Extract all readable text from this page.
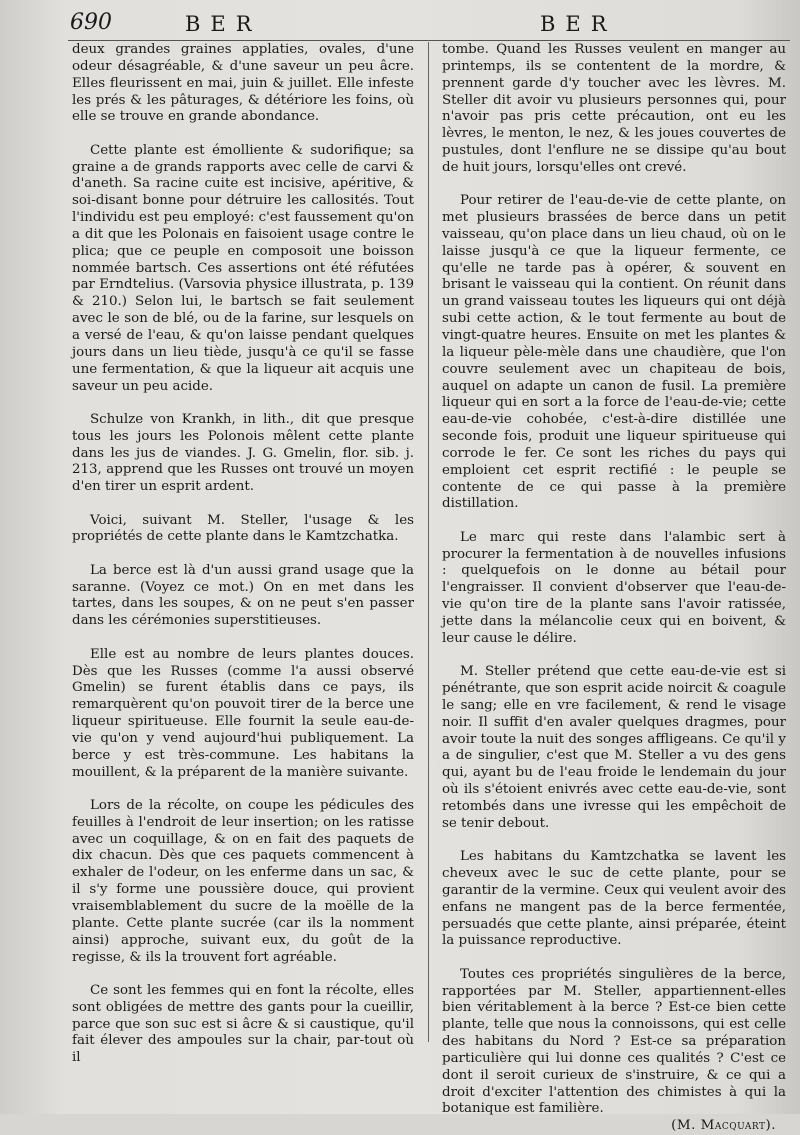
690	BER	BER

deux grandes graines applaties, ovales, d'une odeur désagréable, & d'une saveur un peu âcre. Elles fleurissent en mai, juin & juillet. Elle infeste les prés & les pâturages, & détériore les foins, où elle se trouve en grande abondance.

Cette plante est émolliente & sudorifique; sa graine a de grands rapports avec celle de carvi & d'aneth. Sa racine cuite est incisive, apéritive, & soi-disant bonne pour détruire les callosités. Tout l'individu est peu employé: c'est faussement qu'on a dit que les Polonais en faisoient usage contre le plica; que ce peuple en composoit une boisson nommée bartsch. Ces assertions ont été réfutées par Erndtelius. (Varsovia physice illustrata, p. 139 & 210.) Selon lui, le bartsch se fait seulement avec le son de blé, ou de la farine, sur lesquels on a versé de l'eau, & qu'on laisse pendant quelques jours dans un lieu tiède, jusqu'à ce qu'il se fasse une fermentation, & que la liqueur ait acquis une saveur un peu acide.

Schulze von Krankh, in lith., dit que presque tous les jours les Polonois mêlent cette plante dans les jus de viandes. J. G. Gmelin, flor. sib. j. 213, apprend que les Russes ont trouvé un moyen d'en tirer un esprit ardent.

Voici, suivant M. Steller, l'usage & les propriétés de cette plante dans le Kamtzchatka.

La berce est là d'un aussi grand usage que la saranne. (Voyez ce mot.) On en met dans les tartes, dans les soupes, & on ne peut s'en passer dans les cérémonies superstitieuses.

Elle est au nombre de leurs plantes douces. Dès que les Russes (comme l'a aussi observé Gmelin) se furent établis dans ce pays, ils remarquèrent qu'on pouvoit tirer de la berce une liqueur spiritueuse. Elle fournit la seule eau-de-vie qu'on y vend aujourd'hui publiquement. La berce y est très-commune. Les habitans la mouillent, & la préparent de la manière suivante.

Lors de la récolte, on coupe les pédicules des feuilles à l'endroit de leur insertion; on les ratisse avec un coquillage, & on en fait des paquets de dix chacun. Dès que ces paquets commencent à exhaler de l'odeur, on les enferme dans un sac, & il s'y forme une poussière douce, qui provient vraisemblablement du sucre de la moëlle de la plante. Cette plante sucrée (car ils la nomment ainsi) approche, suivant eux, du goût de la regisse, & ils la trouvent fort agréable.

Ce sont les femmes qui en font la récolte, elles sont obligées de mettre des gants pour la cueillir, parce que son suc est si âcre & si caustique, qu'il fait élever des ampoules sur la chair, par-tout où il

tombe. Quand les Russes veulent en manger au printemps, ils se contentent de la mordre, & prennent garde d'y toucher avec les lèvres. M. Steller dit avoir vu plusieurs personnes qui, pour n'avoir pas pris cette précaution, ont eu les lèvres, le menton, le nez, & les joues couvertes de pustules, dont l'enflure ne se dissipe qu'au bout de huit jours, lorsqu'elles ont crevé.

Pour retirer de l'eau-de-vie de cette plante, on met plusieurs brassées de berce dans un petit vaisseau, qu'on place dans un lieu chaud, où on le laisse jusqu'à ce que la liqueur fermente, ce qu'elle ne tarde pas à opérer, & souvent en brisant le vaisseau qui la contient. On réunit dans un grand vaisseau toutes les liqueurs qui ont déjà subi cette action, & le tout fermente au bout de vingt-quatre heures. Ensuite on met les plantes & la liqueur pèle-mèle dans une chaudière, que l'on couvre seulement avec un chapiteau de bois, auquel on adapte un canon de fusil. La première liqueur qui en sort a la force de l'eau-de-vie; cette eau-de-vie cohobée, c'est-à-dire distillée une seconde fois, produit une liqueur spiritueuse qui corrode le fer. Ce sont les riches du pays qui emploient cet esprit rectifié : le peuple se contente de ce qui passe à la première distillation.

Le marc qui reste dans l'alambic sert à procurer la fermentation à de nouvelles infusions : quelquefois on le donne au bétail pour l'engraisser. Il convient d'observer que l'eau-de-vie qu'on tire de la plante sans l'avoir ratissée, jette dans la mélancolie ceux qui en boivent, & leur cause le délire.

M. Steller prétend que cette eau-de-vie est si pénétrante, que son esprit acide noircit & coagule le sang; elle en vre facilement, & rend le visage noir. Il suffit d'en avaler quelques dragmes, pour avoir toute la nuit des songes affligeans. Ce qu'il y a de singulier, c'est que M. Steller a vu des gens qui, ayant bu de l'eau froide le lendemain du jour où ils s'étoient enivrés avec cette eau-de-vie, sont retombés dans une ivresse qui les empêchoit de se tenir debout.

Les habitans du Kamtzchatka se lavent les cheveux avec le suc de cette plante, pour se garantir de la vermine. Ceux qui veulent avoir des enfans ne mangent pas de la berce fermentée, persuadés que cette plante, ainsi préparée, éteint la puissance reproductive.

Toutes ces propriétés singulières de la berce, rapportées par M. Steller, appartiennent-elles bien véritablement à la berce ? Est-ce bien cette plante, telle que nous la connoissons, qui est celle des habitans du Nord ? Est-ce sa préparation particulière qui lui donne ces qualités ? C'est ce dont il seroit curieux de s'instruire, & ce qui a droit d'exciter l'attention des chimistes à qui la botanique est familière.

(M. Macquart).
